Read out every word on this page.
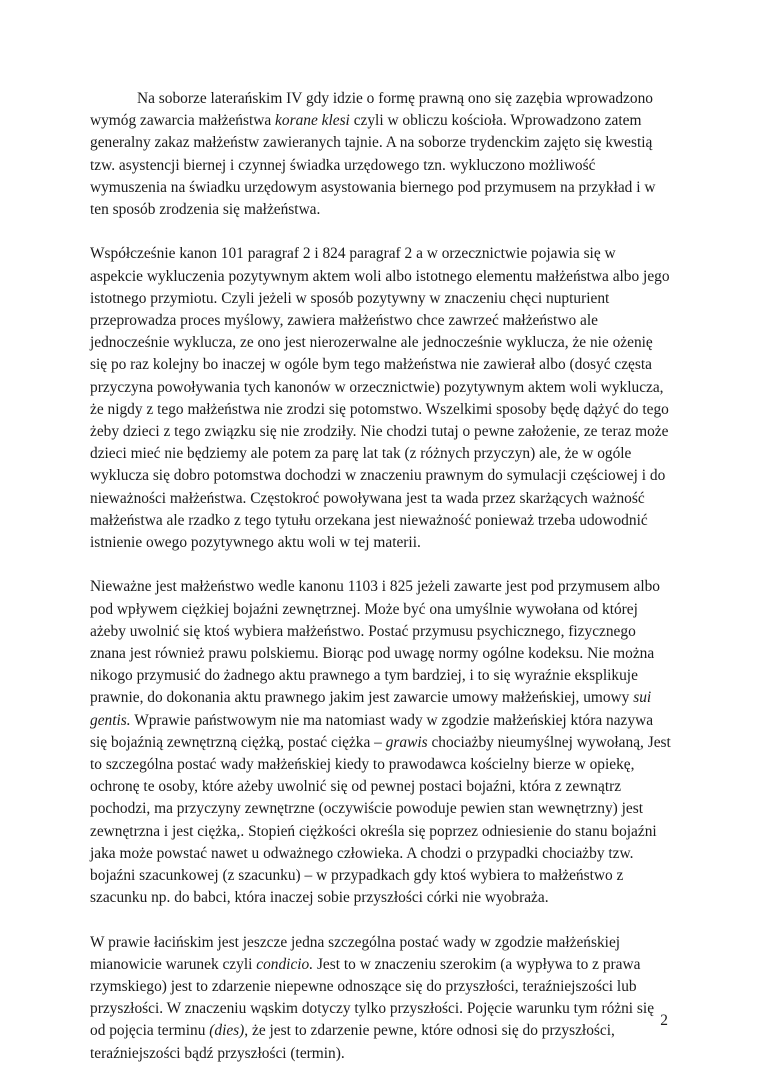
Na soborze laterańskim IV gdy idzie o formę prawną ono się zazębia wprowadzono wymóg zawarcia małżeństwa korane klesi czyli w obliczu kościoła. Wprowadzono zatem generalny zakaz małżeństw zawieranych tajnie. A na soborze trydenckim zajęto się kwestią tzw. asystencji biernej i czynnej świadka urzędowego tzn. wykluczono możliwość wymuszenia na świadku urzędowym asystowania biernego pod przymusem na przykład i w ten sposób zrodzenia się małżeństwa.

Współcześnie kanon 101 paragraf 2 i 824 paragraf 2 a w orzecznictwie pojawia się w aspekcie wykluczenia pozytywnym aktem woli albo istotnego elementu małżeństwa albo jego istotnego przymiotu. Czyli jeżeli w sposób pozytywny w znaczeniu chęci nupturient przeprowadza proces myślowy, zawiera małżeństwo chce zawrzeć małżeństwo ale jednocześnie wyklucza, ze ono jest nierozerwalne ale jednocześnie wyklucza, że nie ożenię się po raz kolejny bo inaczej w ogóle bym tego małżeństwa nie zawierał albo (dosyć częsta przyczyna powoływania tych kanonów w orzecznictwie) pozytywnym aktem woli wyklucza, że nigdy z tego małżeństwa nie zrodzi się potomstwo. Wszelkimi sposoby będę dążyć do tego żeby dzieci z tego związku się nie zrodziły. Nie chodzi tutaj o pewne założenie, ze teraz może dzieci mieć nie będziemy ale potem za parę lat tak (z różnych przyczyn) ale, że w ogóle wyklucza się dobro potomstwa dochodzi w znaczeniu prawnym do symulacji częściowej i do nieważności małżeństwa. Częstokroć powoływana jest ta wada przez skarżących ważność małżeństwa ale rzadko z tego tytułu orzekana jest nieważność ponieważ trzeba udowodnić istnienie owego pozytywnego aktu woli w tej materii.

Nieważne jest małżeństwo wedle kanonu 1103 i 825 jeżeli zawarte jest pod przymusem albo pod wpływem ciężkiej bojaźni zewnętrznej. Może być ona umyślnie wywołana od której ażeby uwolnić się ktoś wybiera małżeństwo. Postać przymusu psychicznego, fizycznego znana jest również prawu polskiemu. Biorąc pod uwagę normy ogólne kodeksu. Nie można nikogo przymusić do żadnego aktu prawnego a tym bardziej, i to się wyraźnie eksplikuje prawnie, do dokonania aktu prawnego jakim jest zawarcie umowy małżeńskiej, umowy sui gentis. Wprawie państwowym nie ma natomiast wady w zgodzie małżeńskiej która nazywa się bojaźnią zewnętrzną ciężką, postać ciężka – grawis chociażby nieumyślnej wywołaną, Jest to szczególna postać wady małżeńskiej kiedy to prawodawca kościelny bierze w opiekę, ochronę te osoby, które ażeby uwolnić się od pewnej postaci bojaźni, która z zewnątrz pochodzi, ma przyczyny zewnętrzne (oczywiście powoduje pewien stan wewnętrzny) jest zewnętrzna i jest ciężka,. Stopień ciężkości określa się poprzez odniesienie do stanu bojaźni jaka może powstać nawet u odważnego człowieka. A chodzi o przypadki chociażby tzw. bojaźni szacunkowej (z szacunku) – w przypadkach gdy ktoś wybiera to małżeństwo z szacunku np. do babci, która inaczej sobie przyszłości córki nie wyobraża.

W prawie łacińskim jest jeszcze jedna szczególna postać wady w zgodzie małżeńskiej mianowicie warunek czyli condicio. Jest to w znaczeniu szerokim (a wypływa to z prawa rzymskiego) jest to zdarzenie niepewne odnoszące się do przyszłości, teraźniejszości lub przyszłości. W znaczeniu wąskim dotyczy tylko przyszłości. Pojęcie warunku tym różni się od pojęcia terminu (dies), że jest to zdarzenie pewne, które odnosi się do przyszłości, teraźniejszości bądź przyszłości (termin).

2
